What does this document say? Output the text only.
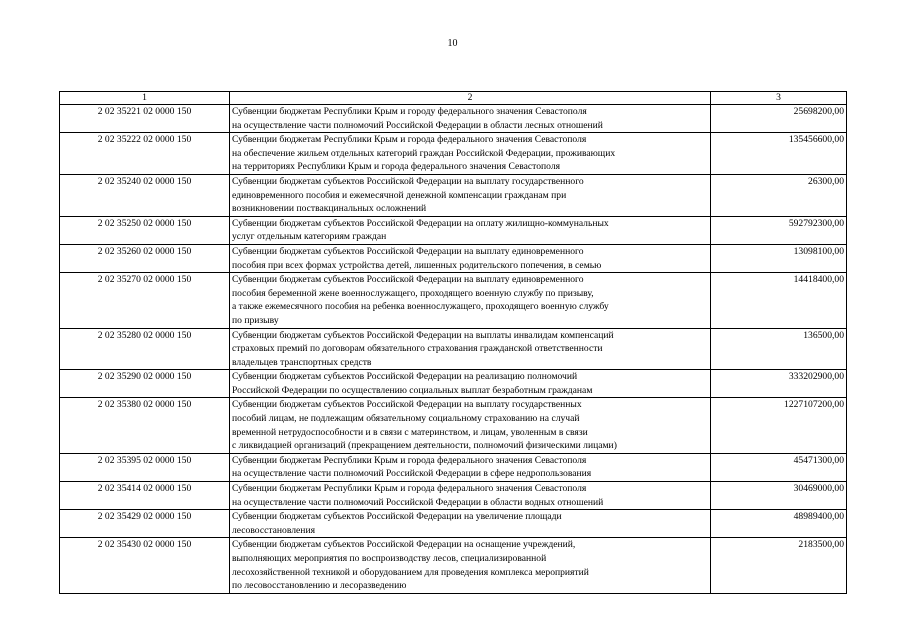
10
1	2	3
2 02 35221 02 0000 150	Субвенции бюджетам Республики Крым и городу федерального значения Севастополя
на осуществление части полномочий Российской Федерации в области лесных отношений	25698200,00
2 02 35222 02 0000 150	Субвенции бюджетам Республики Крым и города федерального значения Севастополя
на обеспечение жильем отдельных категорий граждан Российской Федерации, проживающих
на территориях Республики Крым и города федерального значения Севастополя	135456600,00
2 02 35240 02 0000 150	Субвенции бюджетам субъектов Российской Федерации на выплату государственного
единовременного пособия и ежемесячной денежной компенсации гражданам при
возникновении поствакцинальных осложнений	26300,00
2 02 35250 02 0000 150	Субвенции бюджетам субъектов Российской Федерации на оплату жилищно-коммунальных
услуг отдельным категориям граждан	592792300,00
2 02 35260 02 0000 150	Субвенции бюджетам субъектов Российской Федерации на выплату единовременного
пособия при всех формах устройства детей, лишенных родительского попечения, в семью	13098100,00
2 02 35270 02 0000 150	Субвенции бюджетам субъектов Российской Федерации на выплату единовременного
пособия беременной жене военнослужащего, проходящего военную службу по призыву,
а также ежемесячного пособия на ребенка военнослужащего, проходящего военную службу
по призыву	14418400,00
2 02 35280 02 0000 150	Субвенции бюджетам субъектов Российской Федерации на выплаты инвалидам компенсаций
страховых премий по договорам обязательного страхования гражданской ответственности
владельцев транспортных средств	136500,00
2 02 35290 02 0000 150	Субвенции бюджетам субъектов Российской Федерации на реализацию полномочий
Российской Федерации по осуществлению социальных выплат безработным гражданам	333202900,00
2 02 35380 02 0000 150	Субвенции бюджетам субъектов Российской Федерации на выплату государственных
пособий лицам, не подлежащим обязательному социальному страхованию на случай
временной нетрудоспособности и в связи с материнством, и лицам, уволенным в связи
с ликвидацией организаций (прекращением деятельности, полномочий физическими лицами)	1227107200,00
2 02 35395 02 0000 150	Субвенции бюджетам Республики Крым и города федерального значения Севастополя
на осуществление части полномочий Российской Федерации в сфере недропользования	45471300,00
2 02 35414 02 0000 150	Субвенции бюджетам Республики Крым и города федерального значения Севастополя
на осуществление части полномочий Российской Федерации в области водных отношений	30469000,00
2 02 35429 02 0000 150	Субвенции бюджетам субъектов Российской Федерации на увеличение площади
лесовосстановления	48989400,00
2 02 35430 02 0000 150	Субвенции бюджетам субъектов Российской Федерации на оснащение учреждений,
выполняющих мероприятия по воспроизводству лесов, специализированной
лесохозяйственной техникой и оборудованием для проведения комплекса мероприятий
по лесовосстановлению и лесоразведению	2183500,00
